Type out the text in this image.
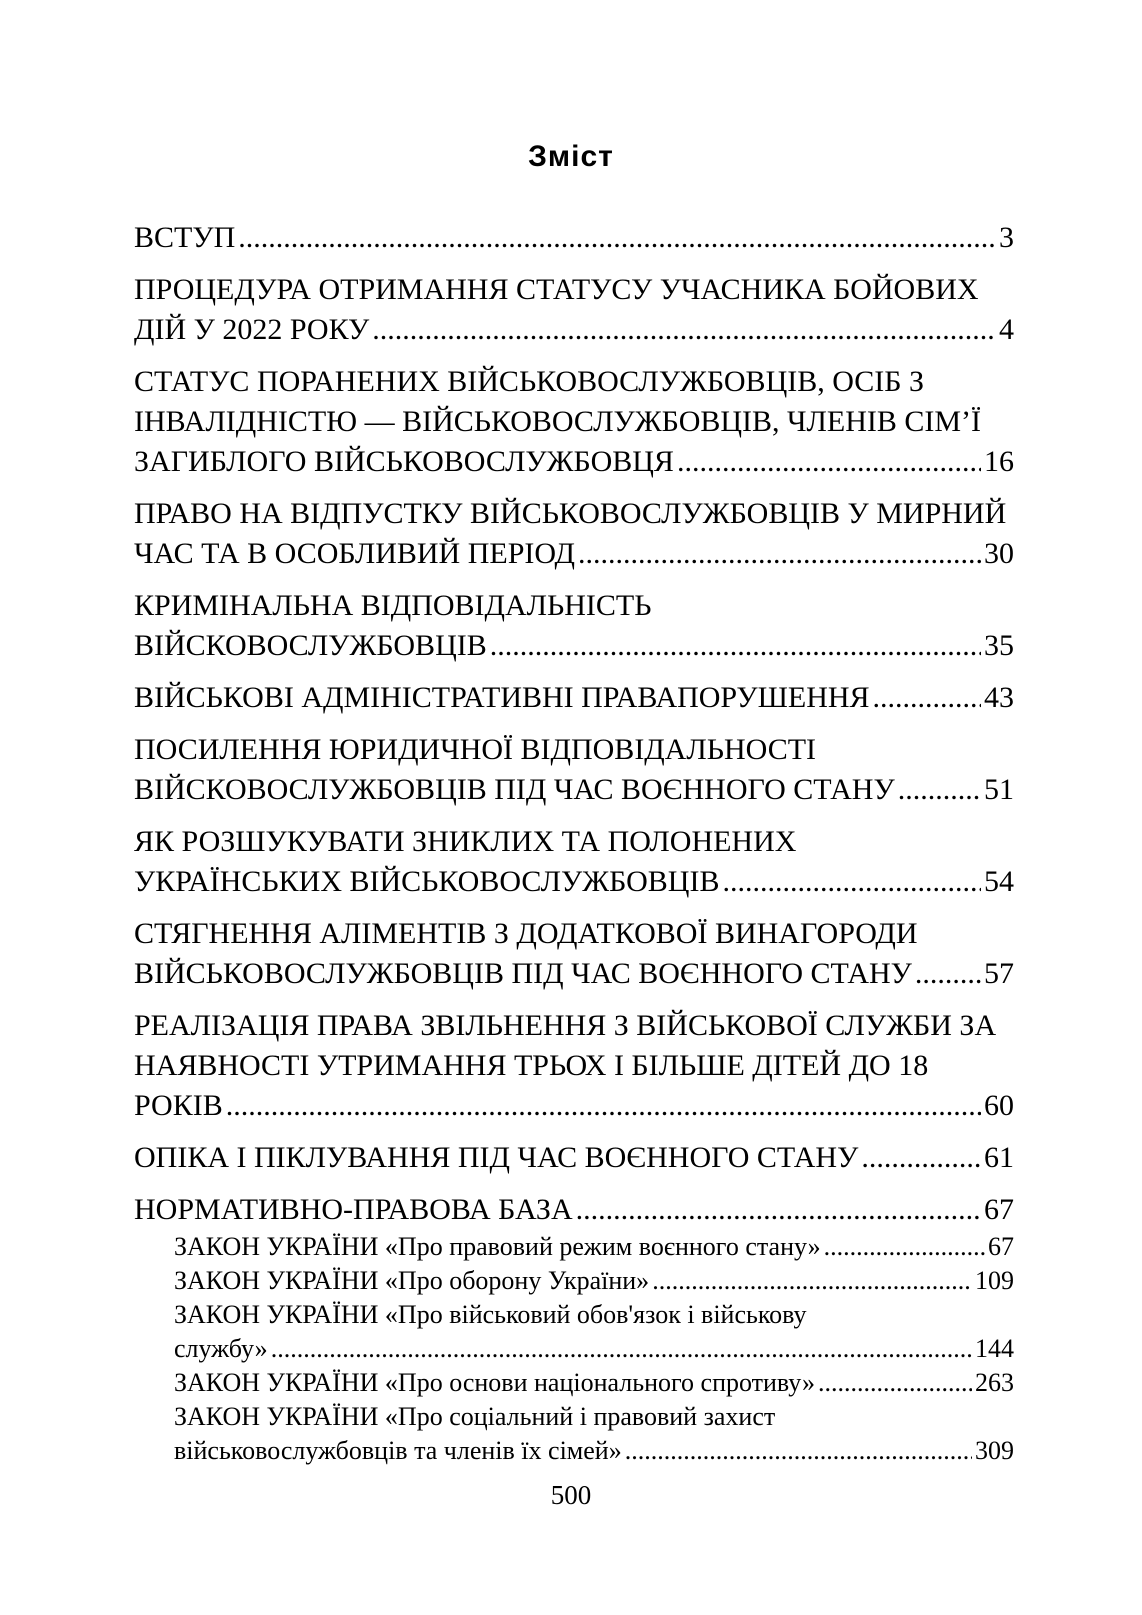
Зміст
ВСТУП .....	3

ПРОЦЕДУРА ОТРИМАННЯ СТАТУСУ УЧАСНИКА БОЙОВИХ

ДІЙ У 2022 РОКУ .....	4

СТАТУС ПОРАНЕНИХ ВІЙСЬКОВОСЛУЖБОВЦІВ, ОСІБ З ІНВАЛІДНІСТЮ — ВІЙСЬКОВОСЛУЖБОВЦІВ, ЧЛЕНІВ СІМ’Ї

ЗАГИБЛОГО ВІЙСЬКОВОСЛУЖБОВЦЯ .....	16

ПРАВО НА ВІДПУСТКУ ВІЙСЬКОВОСЛУЖБОВЦІВ У МИРНИЙ

ЧАС ТА В ОСОБЛИВИЙ ПЕРІОД .....	30

КРИМІНАЛЬНА ВІДПОВІДАЛЬНІСТЬ

ВІЙСКОВОСЛУЖБОВЦІВ .....	35
ВІЙСЬКОВІ АДМІНІСТРАТИВНІ ПРАВАПОРУШЕННЯ .....	43

ПОСИЛЕННЯ ЮРИДИЧНОЇ ВІДПОВІДАЛЬНОСТІ

ВІЙСКОВОСЛУЖБОВЦІВ ПІД ЧАС ВОЄННОГО СТАНУ .....	51

ЯК РОЗШУКУВАТИ ЗНИКЛИХ ТА ПОЛОНЕНИХ

УКРАЇНСЬКИХ ВІЙСЬКОВОСЛУЖБОВЦІВ .....	54

СТЯГНЕННЯ АЛІМЕНТІВ З ДОДАТКОВОЇ ВИНАГОРОДИ

ВІЙСЬКОВОСЛУЖБОВЦІВ ПІД ЧАС ВОЄННОГО СТАНУ ..... 57

РЕАЛІЗАЦІЯ ПРАВА ЗВІЛЬНЕННЯ З ВІЙСЬКОВОЇ СЛУЖБИ ЗА НАЯВНОСТІ УТРИМАННЯ ТРЬОХ І БІЛЬШЕ ДІТЕЙ ДО 18

РОКІВ .....	60
ОПІКА І ПІКЛУВАННЯ ПІД ЧАС ВОЄННОГО СТАНУ .....	61
НОРМАТИВНО-ПРАВОВА БАЗА .....	67
ЗАКОН УКРАЇНИ «Про правовий режим воєнного стану» .....	67
ЗАКОН УКРАЇНИ «Про оборону України» .....	109

ЗАКОН УКРАЇНИ «Про військовий обов'язок і військову

службу» .....	144
ЗАКОН УКРАЇНИ «Про основи національного спротиву» .....	263

ЗАКОН УКРАЇНИ «Про соціальний і правовий захист

військовослужбовців та членів їх сімей» .....	309
500
